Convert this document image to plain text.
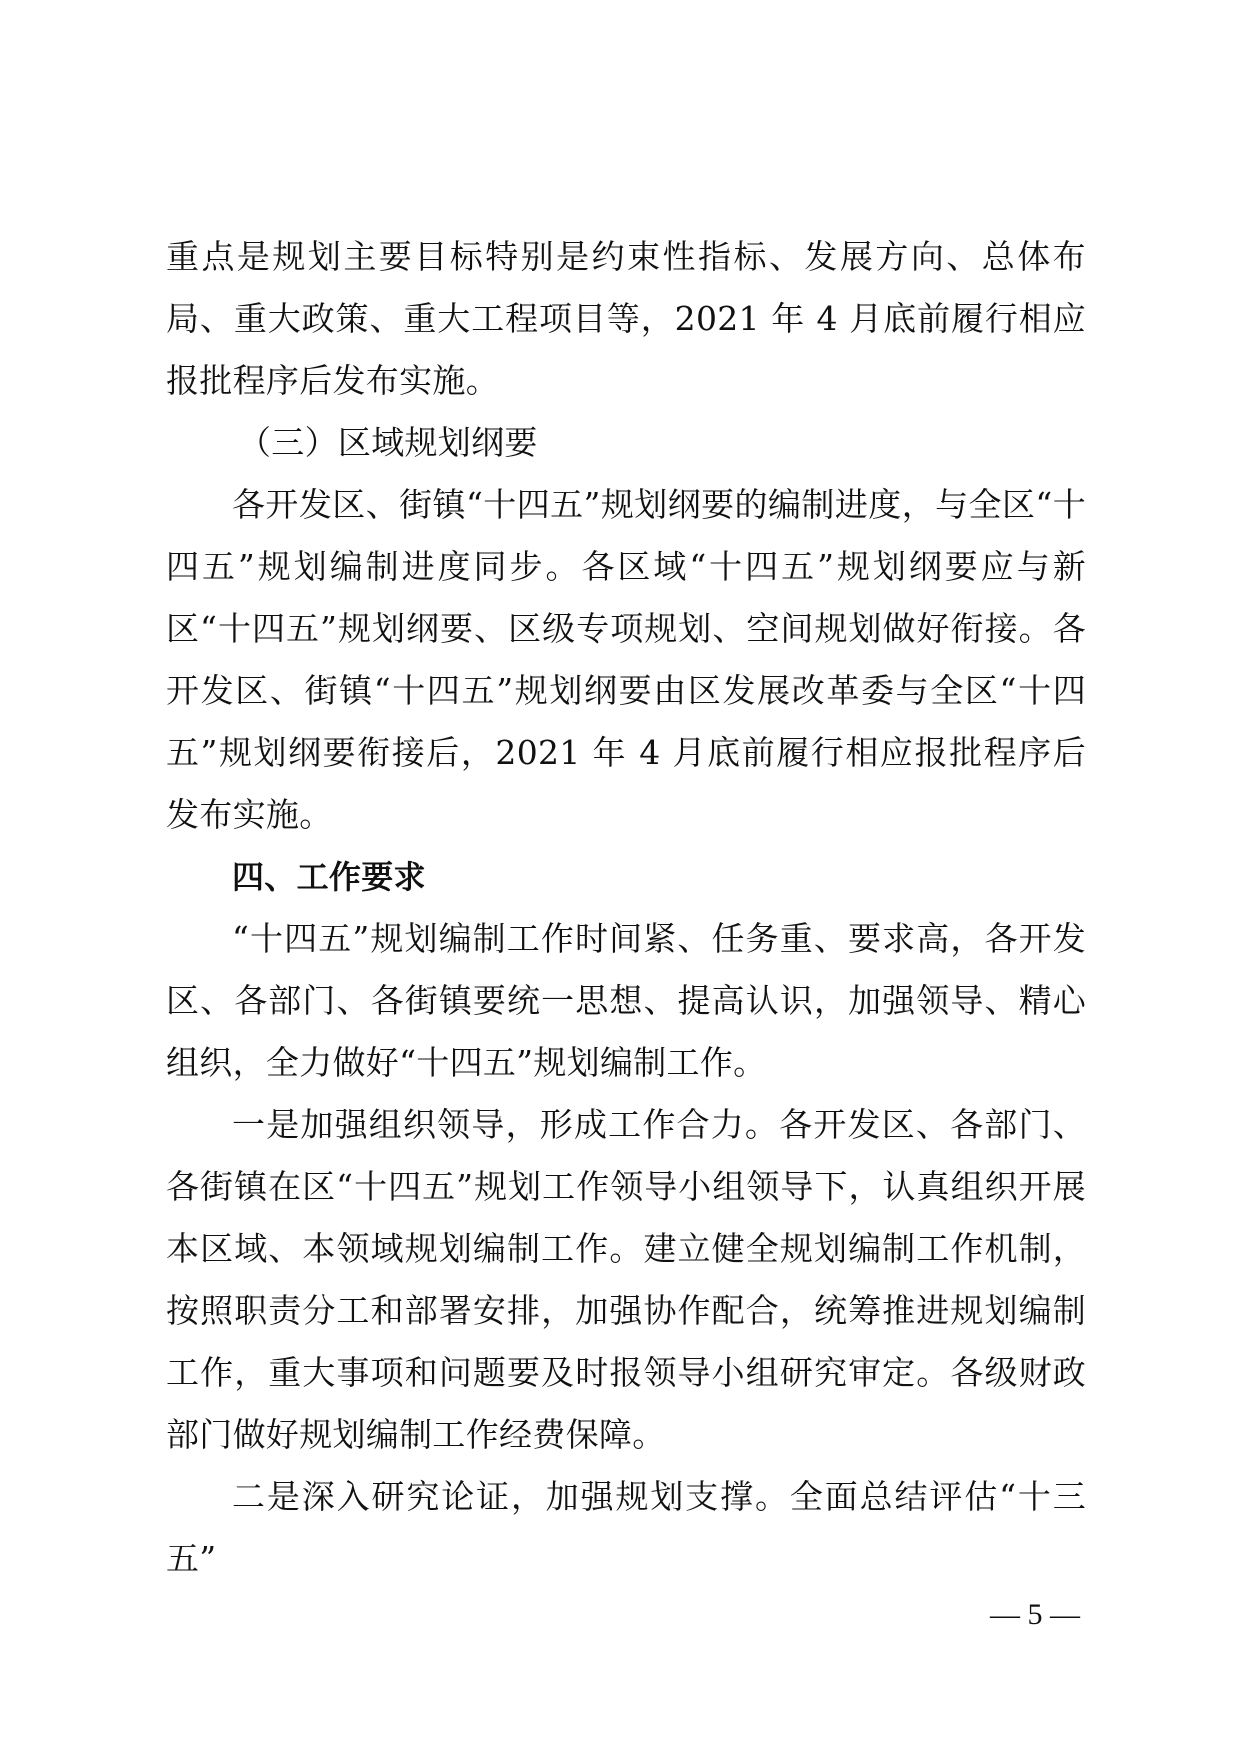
重点是规划主要目标特别是约束性指标、发展方向、总体布局、重大政策、重大工程项目等，2021 年 4 月底前履行相应报批程序后发布实施。

（三）区域规划纲要

各开发区、街镇“十四五”规划纲要的编制进度，与全区“十四五”规划编制进度同步。各区域“十四五”规划纲要应与新区“十四五”规划纲要、区级专项规划、空间规划做好衔接。各开发区、街镇“十四五”规划纲要由区发展改革委与全区“十四五”规划纲要衔接后，2021 年 4 月底前履行相应报批程序后发布实施。

四、工作要求

“十四五”规划编制工作时间紧、任务重、要求高，各开发区、各部门、各街镇要统一思想、提高认识，加强领导、精心组织，全力做好“十四五”规划编制工作。

一是加强组织领导，形成工作合力。各开发区、各部门、各街镇在区“十四五”规划工作领导小组领导下，认真组织开展本区域、本领域规划编制工作。建立健全规划编制工作机制，按照职责分工和部署安排，加强协作配合，统筹推进规划编制工作，重大事项和问题要及时报领导小组研究审定。各级财政部门做好规划编制工作经费保障。

二是深入研究论证，加强规划支撑。全面总结评估“十三五”

— 5 —
